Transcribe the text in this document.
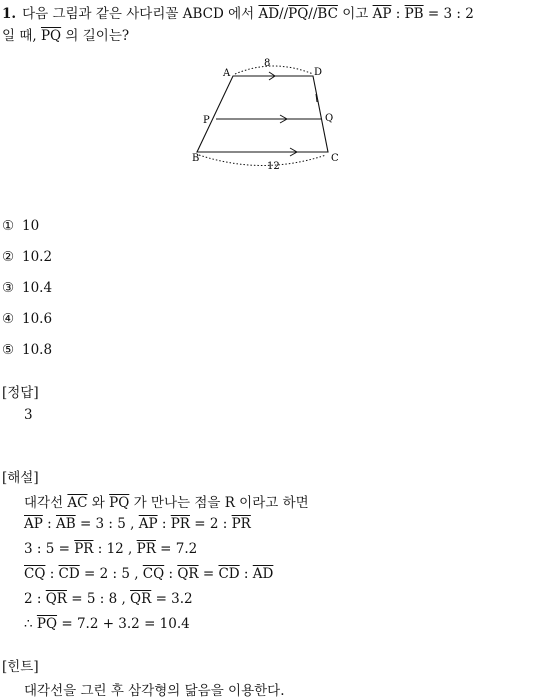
1. 다음 그림과 같은 사다리꼴 ABCD 에서 $\overline{AD}//\overline{PQ}//\overline{BC}$ 이고 $\overline{AP}$ : $\overline{PB} = 3$ : 2
일 때, $\overline{PQ}$ 의 길이는?
A	D
P	Q
B	C
8
12
① 10
② 10.2
③ 10.4
④ 10.6
⑤ 10.8
[정답]
3
[해설]
대각선 $\overline{AC}$ 와 $\overline{PQ}$ 가 만나는 점을 R 이라고 하면
$\overline{AP}$ : $\overline{AB} = 3$ : 5 , $\overline{AP}$ : $\overline{PR} = 2$ : $\overline{PR}$
3 : $5 = \overline{PR}$ : 12 , $\overline{PR} = 7.2$
$\overline{CQ}$ : $\overline{CD} = 2$ : 5 , $\overline{CQ}$ : $\overline{QR} = \overline{CD}$ : $\overline{AD}$
2 : $\overline{QR} = 5$ : 8 , $\overline{QR} = 3.2$
∴ $\overline{PQ} = 7.2 + 3.2 = 10.4$
[힌트]
대각선을 그린 후 삼각형의 닮음을 이용한다.
